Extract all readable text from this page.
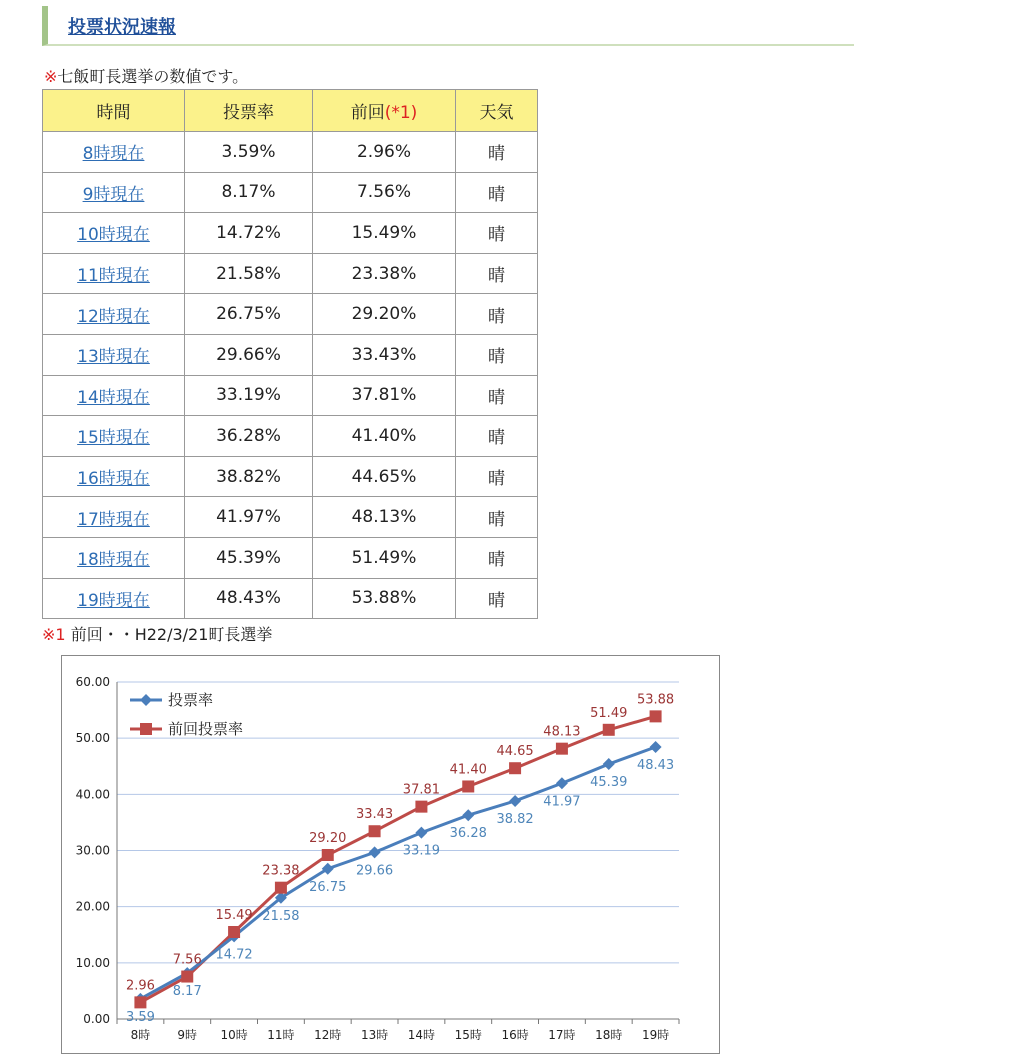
投票状況速報
※七飯町長選挙の数値です。
時間	投票率	前回(*1)	天気
8時現在	3.59%	2.96%	晴
9時現在	8.17%	7.56%	晴
10時現在	14.72%	15.49%	晴
11時現在	21.58%	23.38%	晴
12時現在	26.75%	29.20%	晴
13時現在	29.66%	33.43%	晴
14時現在	33.19%	37.81%	晴
15時現在	36.28%	41.40%	晴
16時現在	38.82%	44.65%	晴
17時現在	41.97%	48.13%	晴
18時現在	45.39%	51.49%	晴
19時現在	48.43%	53.88%	晴
※1 前回・・H22/3/21町長選挙
0.00
10.00
20.00
30.00
40.00
50.00
60.00
8時 9時 10時 11時 12時 13時 14時 15時 16時 17時 18時 19時
3.59
8.17
14.72
21.58
26.75
29.66
33.19
36.28
38.82
41.97
45.39
48.43
2.96
7.56
15.49
23.38
29.20
33.43
37.81
41.40
44.65
48.13
51.49
53.88
投票率
前回投票率
